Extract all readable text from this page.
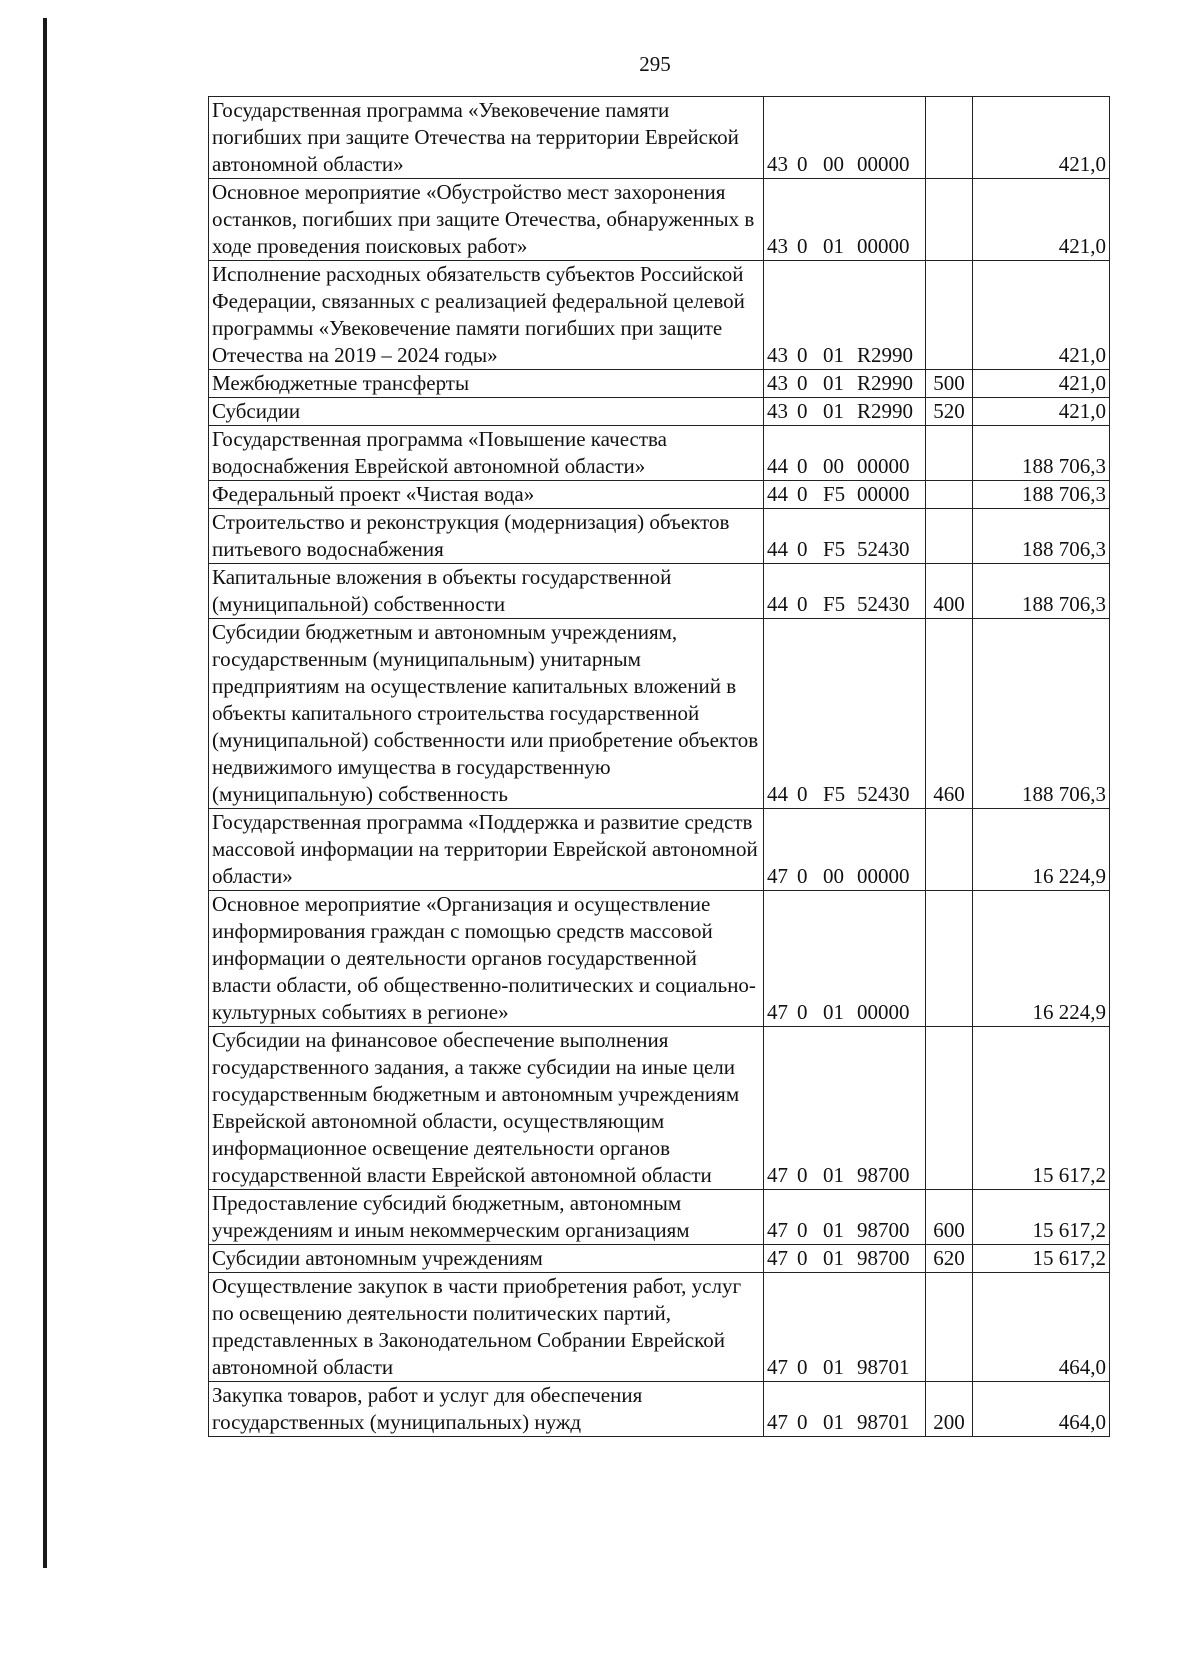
295
Государственная программа «Увековечение памяти погибших при защите Отечества на территории Еврейской автономной области»	43 0 00 00000		421,0
Основное мероприятие «Обустройство мест захоронения останков, погибших при защите Отечества, обнаруженных в ходе проведения поисковых работ»	43 0 01 00000		421,0
Исполнение расходных обязательств субъектов Российской Федерации, связанных с реализацией федеральной целевой программы «Увековечение памяти погибших при защите Отечества на 2019 – 2024 годы»	43 0 01 R2990		421,0
Межбюджетные трансферты	43 0 01 R2990	500	421,0
Субсидии	43 0 01 R2990	520	421,0
Государственная программа «Повышение качества водоснабжения Еврейской автономной области»	44 0 00 00000		188 706,3
Федеральный проект «Чистая вода»	44 0 F5 00000		188 706,3
Строительство и реконструкция (модернизация) объектов питьевого водоснабжения	44 0 F5 52430		188 706,3
Капитальные вложения в объекты государственной (муниципальной) собственности	44 0 F5 52430	400	188 706,3
Субсидии бюджетным и автономным учреждениям, государственным (муниципальным) унитарным предприятиям на осуществление капитальных вложений в объекты капитального строительства государственной (муниципальной) собственности или приобретение объектов недвижимого имущества в государственную (муниципальную) собственность	44 0 F5 52430	460	188 706,3
Государственная программа «Поддержка и развитие средств массовой информации на территории Еврейской автономной области»	47 0 00 00000		16 224,9
Основное мероприятие «Организация и осуществление информирования граждан с помощью средств массовой информации о деятельности органов государственной власти области, об общественно-политических и социально-культурных событиях в регионе»	47 0 01 00000		16 224,9
Субсидии на финансовое обеспечение выполнения государственного задания, а также субсидии на иные цели государственным бюджетным и автономным учреждениям Еврейской автономной области, осуществляющим информационное освещение деятельности органов государственной власти Еврейской автономной области	47 0 01 98700		15 617,2
Предоставление субсидий бюджетным, автономным учреждениям и иным некоммерческим организациям	47 0 01 98700	600	15 617,2
Субсидии автономным учреждениям	47 0 01 98700	620	15 617,2
Осуществление закупок в части приобретения работ, услуг по освещению деятельности политических партий, представленных в Законодательном Собрании Еврейской автономной области	47 0 01 98701		464,0
Закупка товаров, работ и услуг для обеспечения государственных (муниципальных) нужд	47 0 01 98701	200	464,0
